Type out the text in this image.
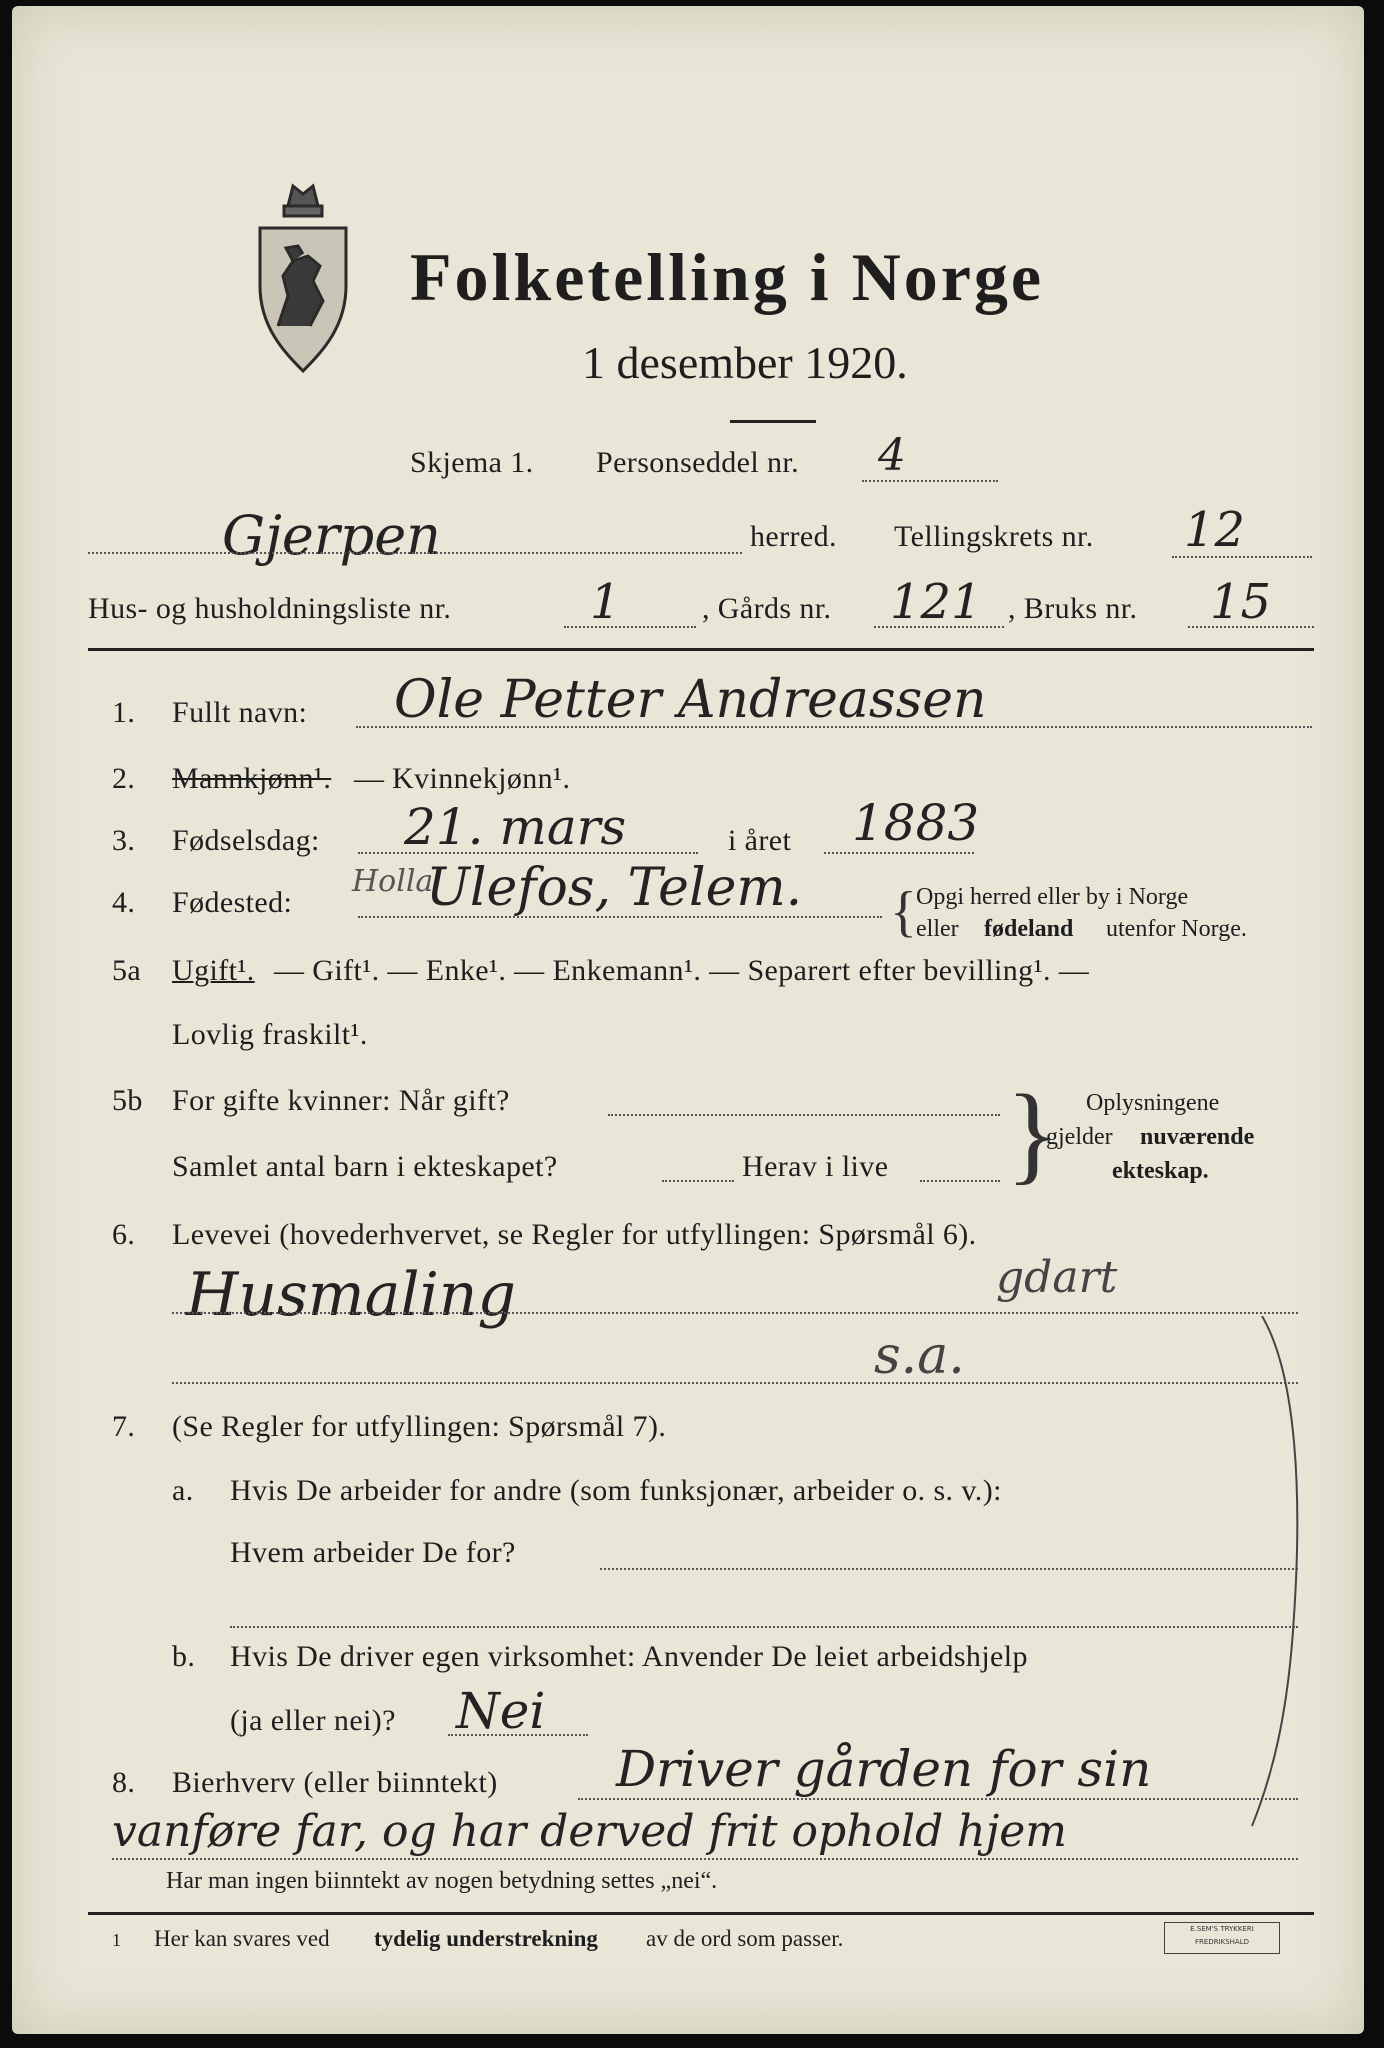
Folketelling i Norge
1 desember 1920.
Skjema 1. Personseddel nr. 4
Gjerpen	herred. Tellingskrets nr. 12
Hus- og husholdningsliste nr.	1	, Gårds nr. 121 , Bruks nr. 15
1. Fullt navn: Ole Petter Andreassen
2. Mannkjønn¹. — Kvinnekjønn¹.
3. Fødselsdag: 21. mars	i året 1883
4. Fødested:
Holla
Ulefos, Telem. { Opgi herred eller by i Norge
eller fødeland utenfor Norge.
5a Ugift¹. — Gift¹. — Enke¹. — Enkemann¹. — Separert efter bevilling¹. —
Lovlig fraskilt¹.
5b For gifte kvinner: Når gift?
Samlet antal barn i ekteskapet?	Herav i live } Oplysningene
gjelder nuværende
ekteskap.
6. Levevei (hovederhvervet, se Regler for utfyllingen: Spørsmål 6).
Husmaling	gdart
s.a.
7. (Se Regler for utfyllingen: Spørsmål 7).
a. Hvis De arbeider for andre (som funksjonær, arbeider o. s. v.):
Hvem arbeider De for?
b. Hvis De driver egen virksomhet: Anvender De leiet arbeidshjelp
(ja eller nei)? Nei
8. Bierhverv (eller biinntekt) Driver gården for sin
vanføre far, og har derved frit ophold hjem
Har man ingen biinntekt av nogen betydning settes „nei“.
1 Her kan svares ved tydelig understrekning av de ord som passer.	E.SEM'S TRYKKERI FREDRIKSHALD
